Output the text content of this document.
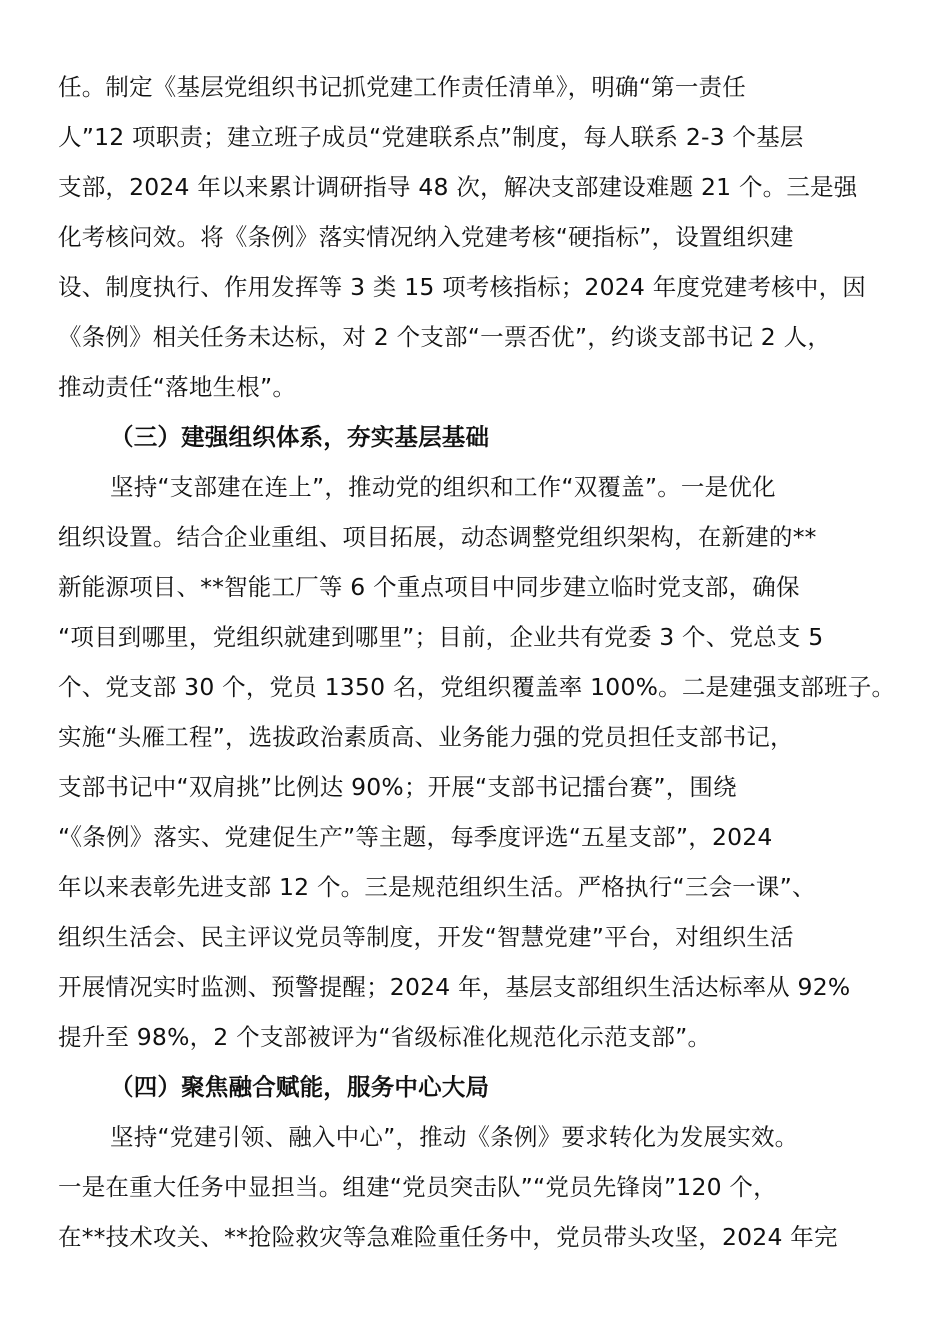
任。制定《基层党组织书记抓党建工作责任清单》，明确“第一责任
人”12 项职责；建立班子成员“党建联系点”制度，每人联系 2-3 个基层
支部，2024 年以来累计调研指导 48 次，解决支部建设难题 21 个。三是强
化考核问效。将《条例》落实情况纳入党建考核“硬指标”，设置组织建
设、制度执行、作用发挥等 3 类 15 项考核指标；2024 年度党建考核中，因
《条例》相关任务未达标，对 2 个支部“一票否优”，约谈支部书记 2 人，
推动责任“落地生根”。
（三）建强组织体系，夯实基层基础
坚持“支部建在连上”，推动党的组织和工作“双覆盖”。一是优化
组织设置。结合企业重组、项目拓展，动态调整党组织架构，在新建的**
新能源项目、**智能工厂等 6 个重点项目中同步建立临时党支部，确保
“项目到哪里，党组织就建到哪里”；目前，企业共有党委 3 个、党总支 5
个、党支部 30 个，党员 1350 名，党组织覆盖率 100%。二是建强支部班子。
实施“头雁工程”，选拔政治素质高、业务能力强的党员担任支部书记，
支部书记中“双肩挑”比例达 90%；开展“支部书记擂台赛”，围绕
“《条例》落实、党建促生产”等主题，每季度评选“五星支部”，2024
年以来表彰先进支部 12 个。三是规范组织生活。严格执行“三会一课”、
组织生活会、民主评议党员等制度，开发“智慧党建”平台，对组织生活
开展情况实时监测、预警提醒；2024 年，基层支部组织生活达标率从 92%
提升至 98%，2 个支部被评为“省级标准化规范化示范支部”。
（四）聚焦融合赋能，服务中心大局
坚持“党建引领、融入中心”，推动《条例》要求转化为发展实效。
一是在重大任务中显担当。组建“党员突击队”“党员先锋岗”120 个，
在**技术攻关、**抢险救灾等急难险重任务中，党员带头攻坚，2024 年完
